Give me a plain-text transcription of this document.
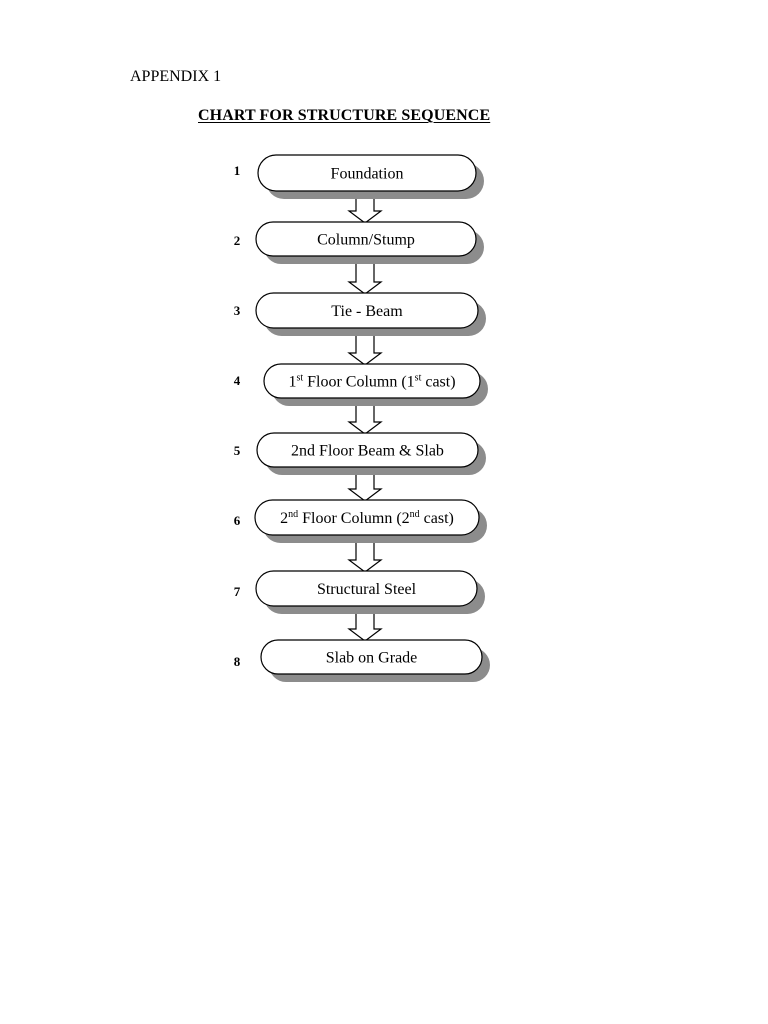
APPENDIX 1
CHART FOR STRUCTURE SEQUENCE
Foundation
Column/Stump
Tie - Beam
1st Floor Column (1st cast)
2nd Floor Beam & Slab
2nd Floor Column (2nd cast)
Structural Steel
Slab on Grade
1
2
3
4
5
6
7
8
